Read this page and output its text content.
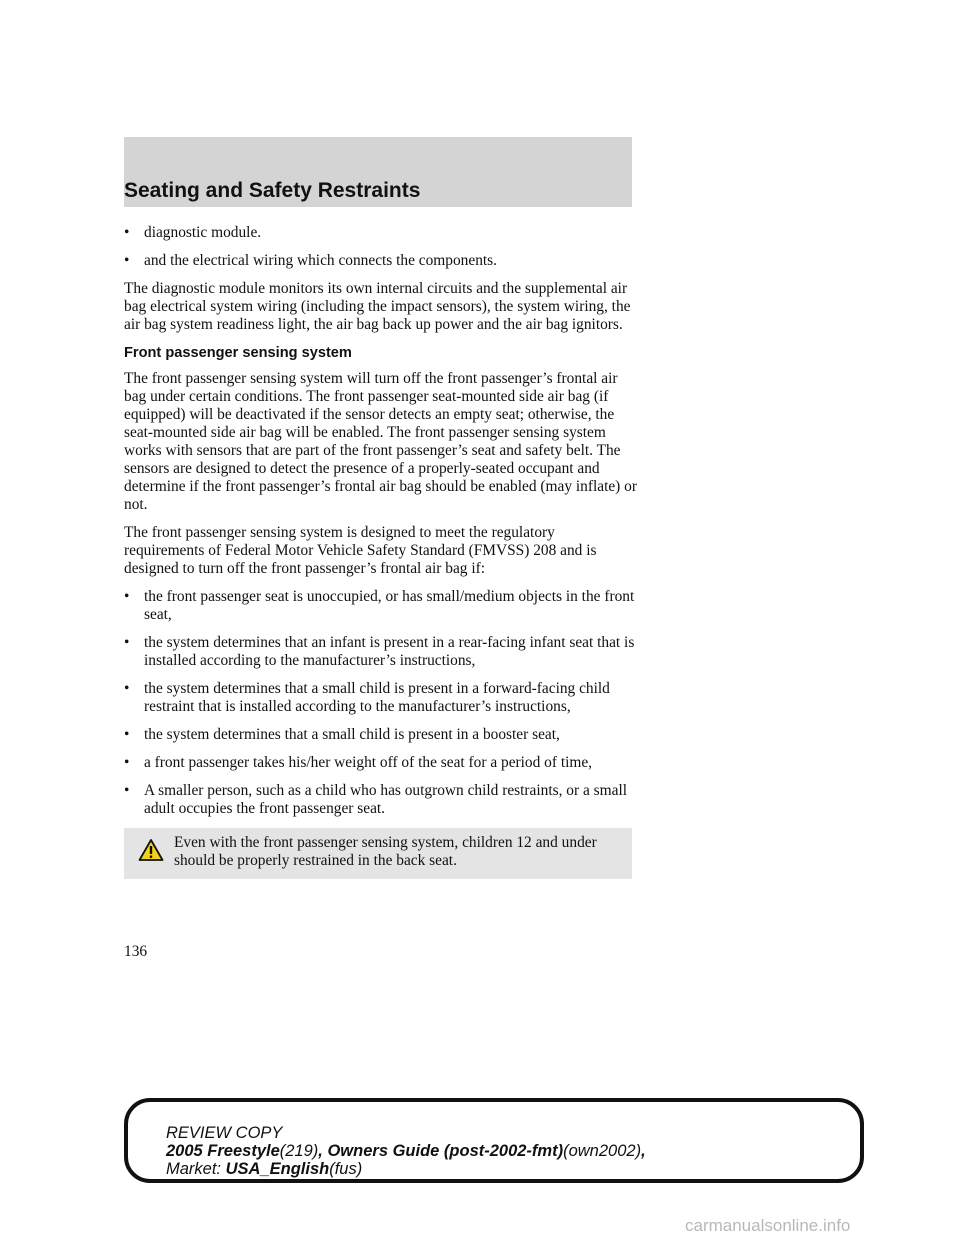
Seating and Safety Restraints
• diagnostic module.
• and the electrical wiring which connects the components.

The diagnostic module monitors its own internal circuits and the supplemental air bag electrical system wiring (including the impact sensors), the system wiring, the air bag system readiness light, the air bag back up power and the air bag ignitors.

Front passenger sensing system

The front passenger sensing system will turn off the front passenger’s frontal air bag under certain conditions. The front passenger seat-mounted side air bag (if equipped) will be deactivated if the sensor detects an empty seat; otherwise, the seat-mounted side air bag will be enabled. The front passenger sensing system works with sensors that are part of the front passenger’s seat and safety belt. The sensors are designed to detect the presence of a properly-seated occupant and determine if the front passenger’s frontal air bag should be enabled (may inflate) or not.

The front passenger sensing system is designed to meet the regulatory requirements of Federal Motor Vehicle Safety Standard (FMVSS) 208 and is designed to turn off the front passenger’s frontal air bag if:

• the front passenger seat is unoccupied, or has small/medium objects in the front seat,
• the system determines that an infant is present in a rear-facing infant seat that is installed according to the manufacturer’s instructions,
• the system determines that a small child is present in a forward-facing child restraint that is installed according to the manufacturer’s instructions,
• the system determines that a small child is present in a booster seat,
• a front passenger takes his/her weight off of the seat for a period of time,
• A smaller person, such as a child who has outgrown child restraints, or a small adult occupies the front passenger seat.
Even with the front passenger sensing system, children 12 and under should be properly restrained in the back seat.
136
REVIEW COPY
2005 Freestyle(219), Owners Guide (post-2002-fmt)(own2002),
Market: USA_English(fus)
carmanualsonline.info
